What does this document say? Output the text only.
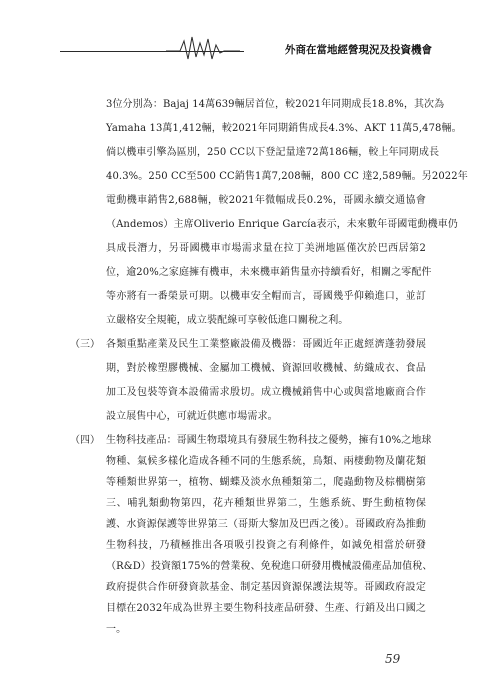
外商在當地經營現況及投資機會
3位分別為：Bajaj 14萬639輛居首位，較2021年同期成長18.8%，其次為
Yamaha 13萬1,412輛，較2021年同期銷售成長4.3%、AKT 11萬5,478輛。
倘以機車引擎為區別，250 CC以下登記量達72萬186輛，較上年同期成長
40.3%。250 CC至500 CC銷售1萬7,208輛，800 CC 達2,589輛。另2022年
電動機車銷售2,688輛，較2021年微幅成長0.2%，哥國永續交通協會
（Andemos）主席Oliverio Enrique García表示，未來數年哥國電動機車仍
具成長潛力，另哥國機車市場需求量在拉丁美洲地區僅次於巴西居第2
位，逾20%之家庭擁有機車，未來機車銷售量亦持續看好，相關之零配件
等亦將有一番榮景可期。以機車安全帽而言，哥國幾乎仰賴進口，並訂
立嚴格安全規範，成立裝配線可享較低進口關稅之利。
（三） 各類重點產業及民生工業整廠設備及機器：哥國近年正處經濟蓬勃發展
期，對於橡塑膠機械、金屬加工機械、資源回收機械、紡織成衣、食品
加工及包裝等資本設備需求殷切。成立機械銷售中心或與當地廠商合作
設立展售中心，可就近供應市場需求。
（四） 生物科技產品：哥國生物環境具有發展生物科技之優勢，擁有10%之地球
物種、氣候多樣化造成各種不同的生態系統，鳥類、兩棲動物及蘭花類
等種類世界第一，植物、蝴蝶及淡水魚種類第二，爬蟲動物及棕櫚樹第
三、哺乳類動物第四，花卉種類世界第二，生態系統、野生動植物保
護、水資源保護等世界第三（哥斯大黎加及巴西之後）。哥國政府為推動
生物科技，乃積極推出各項吸引投資之有利條件，如減免相當於研發
（R&D）投資額175%的營業稅、免稅進口研發用機械設備產品加值稅、
政府提供合作研發資款基金、制定基因資源保護法規等。哥國政府設定
目標在2032年成為世界主要生物科技產品研發、生產、行銷及出口國之
一。
59
